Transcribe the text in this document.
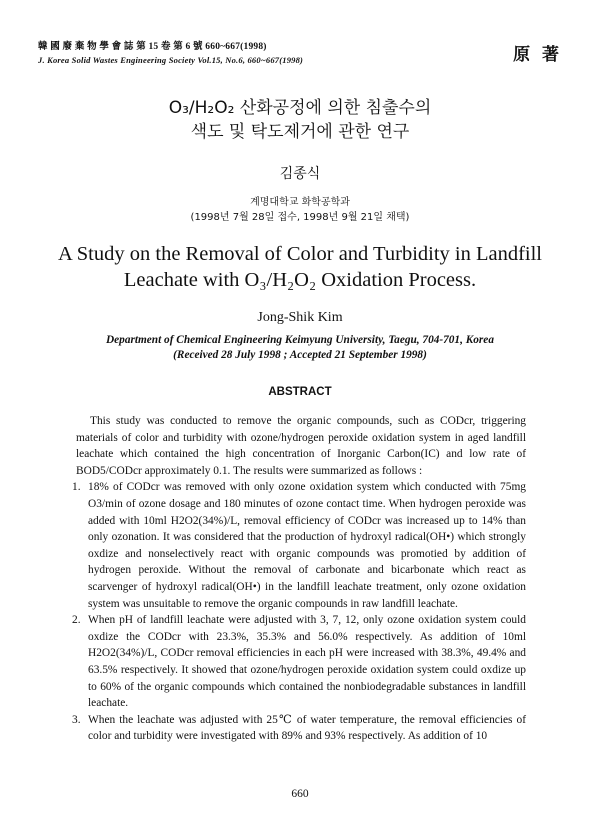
韓 國 廢 棄 物 學 會 誌 第 15 卷 第 6 號 660~667(1998)
J. Korea Solid Wastes Engineering Society Vol.15, No.6, 660~667(1998)	原 著
O₃/H₂O₂ 산화공정에 의한 침출수의
색도 및 탁도제거에 관한 연구
김종식
계명대학교 화학공학과
(1998년 7월 28일 접수, 1998년 9월 21일 채택)
A Study on the Removal of Color and Turbidity in Landfill
Leachate with O₃/H₂O₂ Oxidation Process.
Jong-Shik Kim
Department of Chemical Engineering Keimyung University, Taegu, 704-701, Korea
(Received 28 July 1998 ; Accepted 21 September 1998)
ABSTRACT

This study was conducted to remove the organic compounds, such as CODcr, triggering materials of color and turbidity with ozone/hydrogen peroxide oxidation system in aged landfill leachate which contained the high concentration of Inorganic Carbon(IC) and low rate of BOD5/CODcr approximately 0.1. The results were summarized as follows :

1. 18% of CODcr was removed with only ozone oxidation system which conducted with 75mg O3/min of ozone dosage and 180 minutes of ozone contact time. When hydrogen peroxide was added with 10ml H2O2(34%)/L, removal efficiency of CODcr was increased up to 14% than only ozonation. It was considered that the production of hydroxyl radical(OH•) which strongly oxdize and nonselectively react with organic compounds was promotied by addition of hydrogen peroxide. Without the removal of carbonate and bicarbonate which react as scarvenger of hydroxyl radical(OH•) in the landfill leachate treatment, only ozone oxidation system was unsuitable to remove the organic compounds in raw landfill leachate.
2. When pH of landfill leachate were adjusted with 3, 7, 12, only ozone oxidation system could oxdize the CODcr with 23.3%, 35.3% and 56.0% respectively. As addition of 10ml H2O2(34%)/L, CODcr removal efficiencies in each pH were increased with 38.3%, 49.4% and 63.5% respectively. It showed that ozone/hydrogen peroxide oxidation system could oxdize up to 60% of the organic compounds which contained the nonbiodegradable substances in landfill leachate.
3. When the leachate was adjusted with 25℃ of water temperature, the removal efficiencies of color and turbidity were investigated with 89% and 93% respectively. As addition of 10
660
